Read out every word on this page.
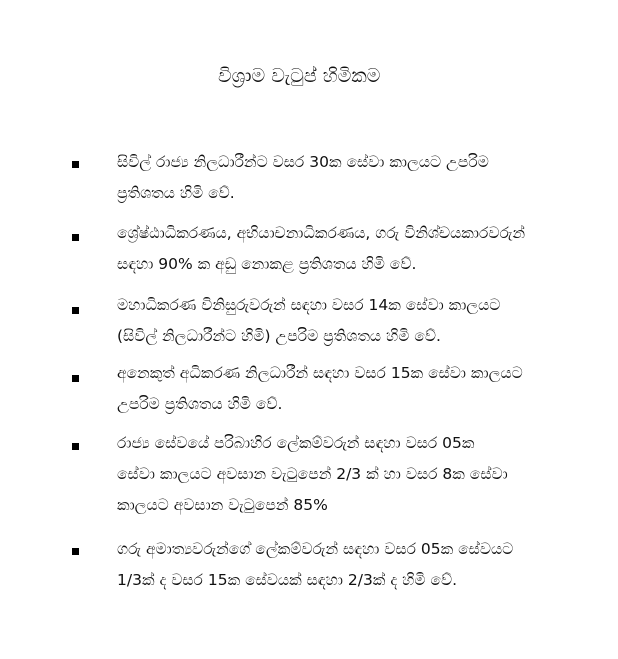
විශ්‍රාම වැටුප් හිමිකම
සිවිල් රාජ්‍ය නිලධාරීන්ට වසර 30ක සේවා කාලයට උපරිම
ප්‍රතිශතය හිමි වේ.
ශ්‍රේෂ්ඨාධිකරණය, අභියාචනාධිකරණය, ගරු විනිශ්චයකාරවරුන්
සඳහා 90% ක අඩු නොකළ ප්‍රතිශතය හිමි වේ.
මහාධිකරණ විනිසුරුවරුන් සඳහා වසර 14ක සේවා කාලයට
(සිවිල් නිලධාරීන්ට හිමි) උපරිම ප්‍රතිශතය හිමි වේ.
අනෙකුත් අධිකරණ නිලධාරීන් සඳහා වසර 15ක සේවා කාලයට
උපරිම ප්‍රතිශතය හිමි වේ.
රාජ්‍ය සේවයේ පරිබාහිර ලේකම්වරුන් සඳහා වසර 05ක
සේවා කාලයට අවසාන වැටුපෙන් 2/3 ක් හා වසර 8ක සේවා
කාලයට අවසාන වැටුපෙන් 85%
ගරු අමාත්‍යවරුන්ගේ ලේකම්වරුන් සඳහා වසර 05ක සේවයට
1/3ක් ද වසර 15ක සේවයක් සඳහා 2/3ක් ද හිමි වේ.
